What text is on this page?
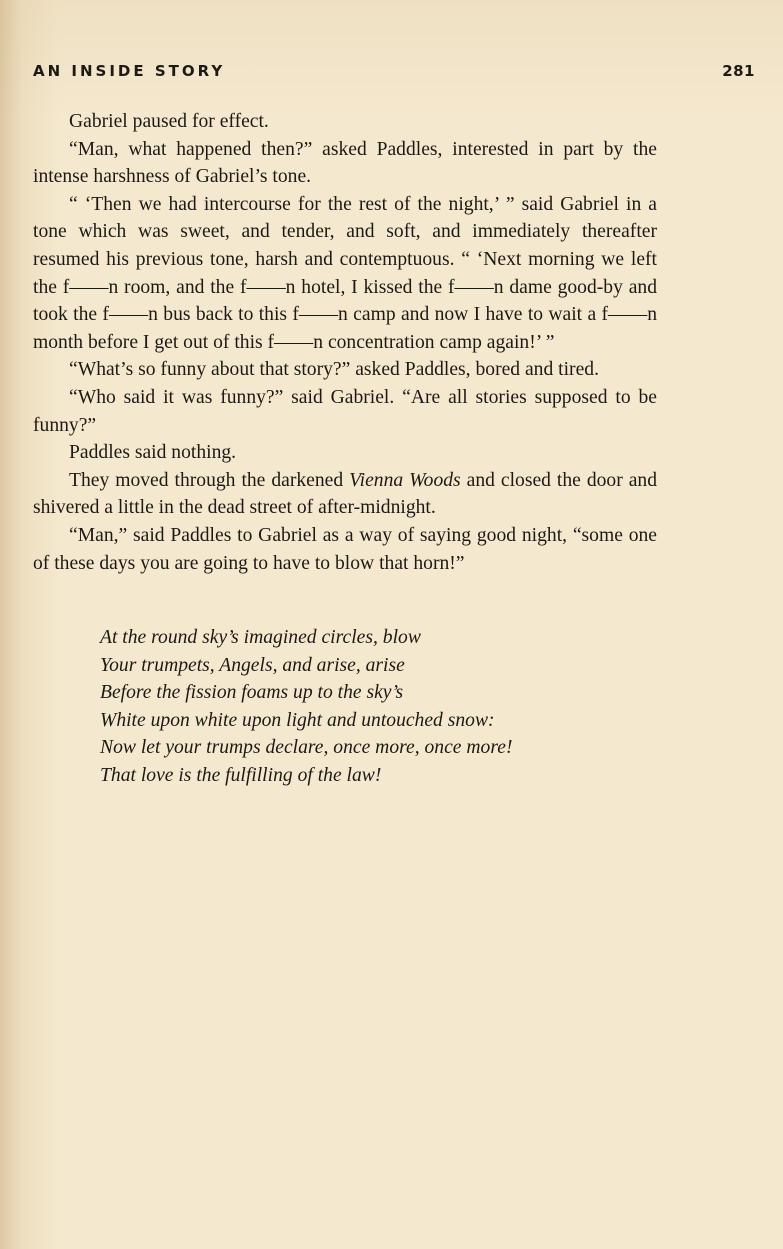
AN INSIDE STORY	281

Gabriel paused for effect.

“Man, what happened then?” asked Paddles, interested in part by the intense harshness of Gabriel’s tone.

“ ‘Then we had intercourse for the rest of the night,’ ” said Gabriel in a tone which was sweet, and tender, and soft, and immediately thereafter resumed his previous tone, harsh and contemptuous. “ ‘Next morning we left the f——n room, and the f——n hotel, I kissed the f——n dame good-by and took the f——n bus back to this f——n camp and now I have to wait a f——n month before I get out of this f——n concentration camp again!’ ”

“What’s so funny about that story?” asked Paddles, bored and tired.

“Who said it was funny?” said Gabriel. “Are all stories supposed to be funny?”

Paddles said nothing.

They moved through the darkened Vienna Woods and closed the door and shivered a little in the dead street of after-midnight.

“Man,” said Paddles to Gabriel as a way of saying good night, “some one of these days you are going to have to blow that horn!”

At the round sky’s imagined circles, blow
Your trumpets, Angels, and arise, arise
Before the fission foams up to the sky’s
White upon white upon light and untouched snow:
Now let your trumps declare, once more, once more!
That love is the fulfilling of the law!
